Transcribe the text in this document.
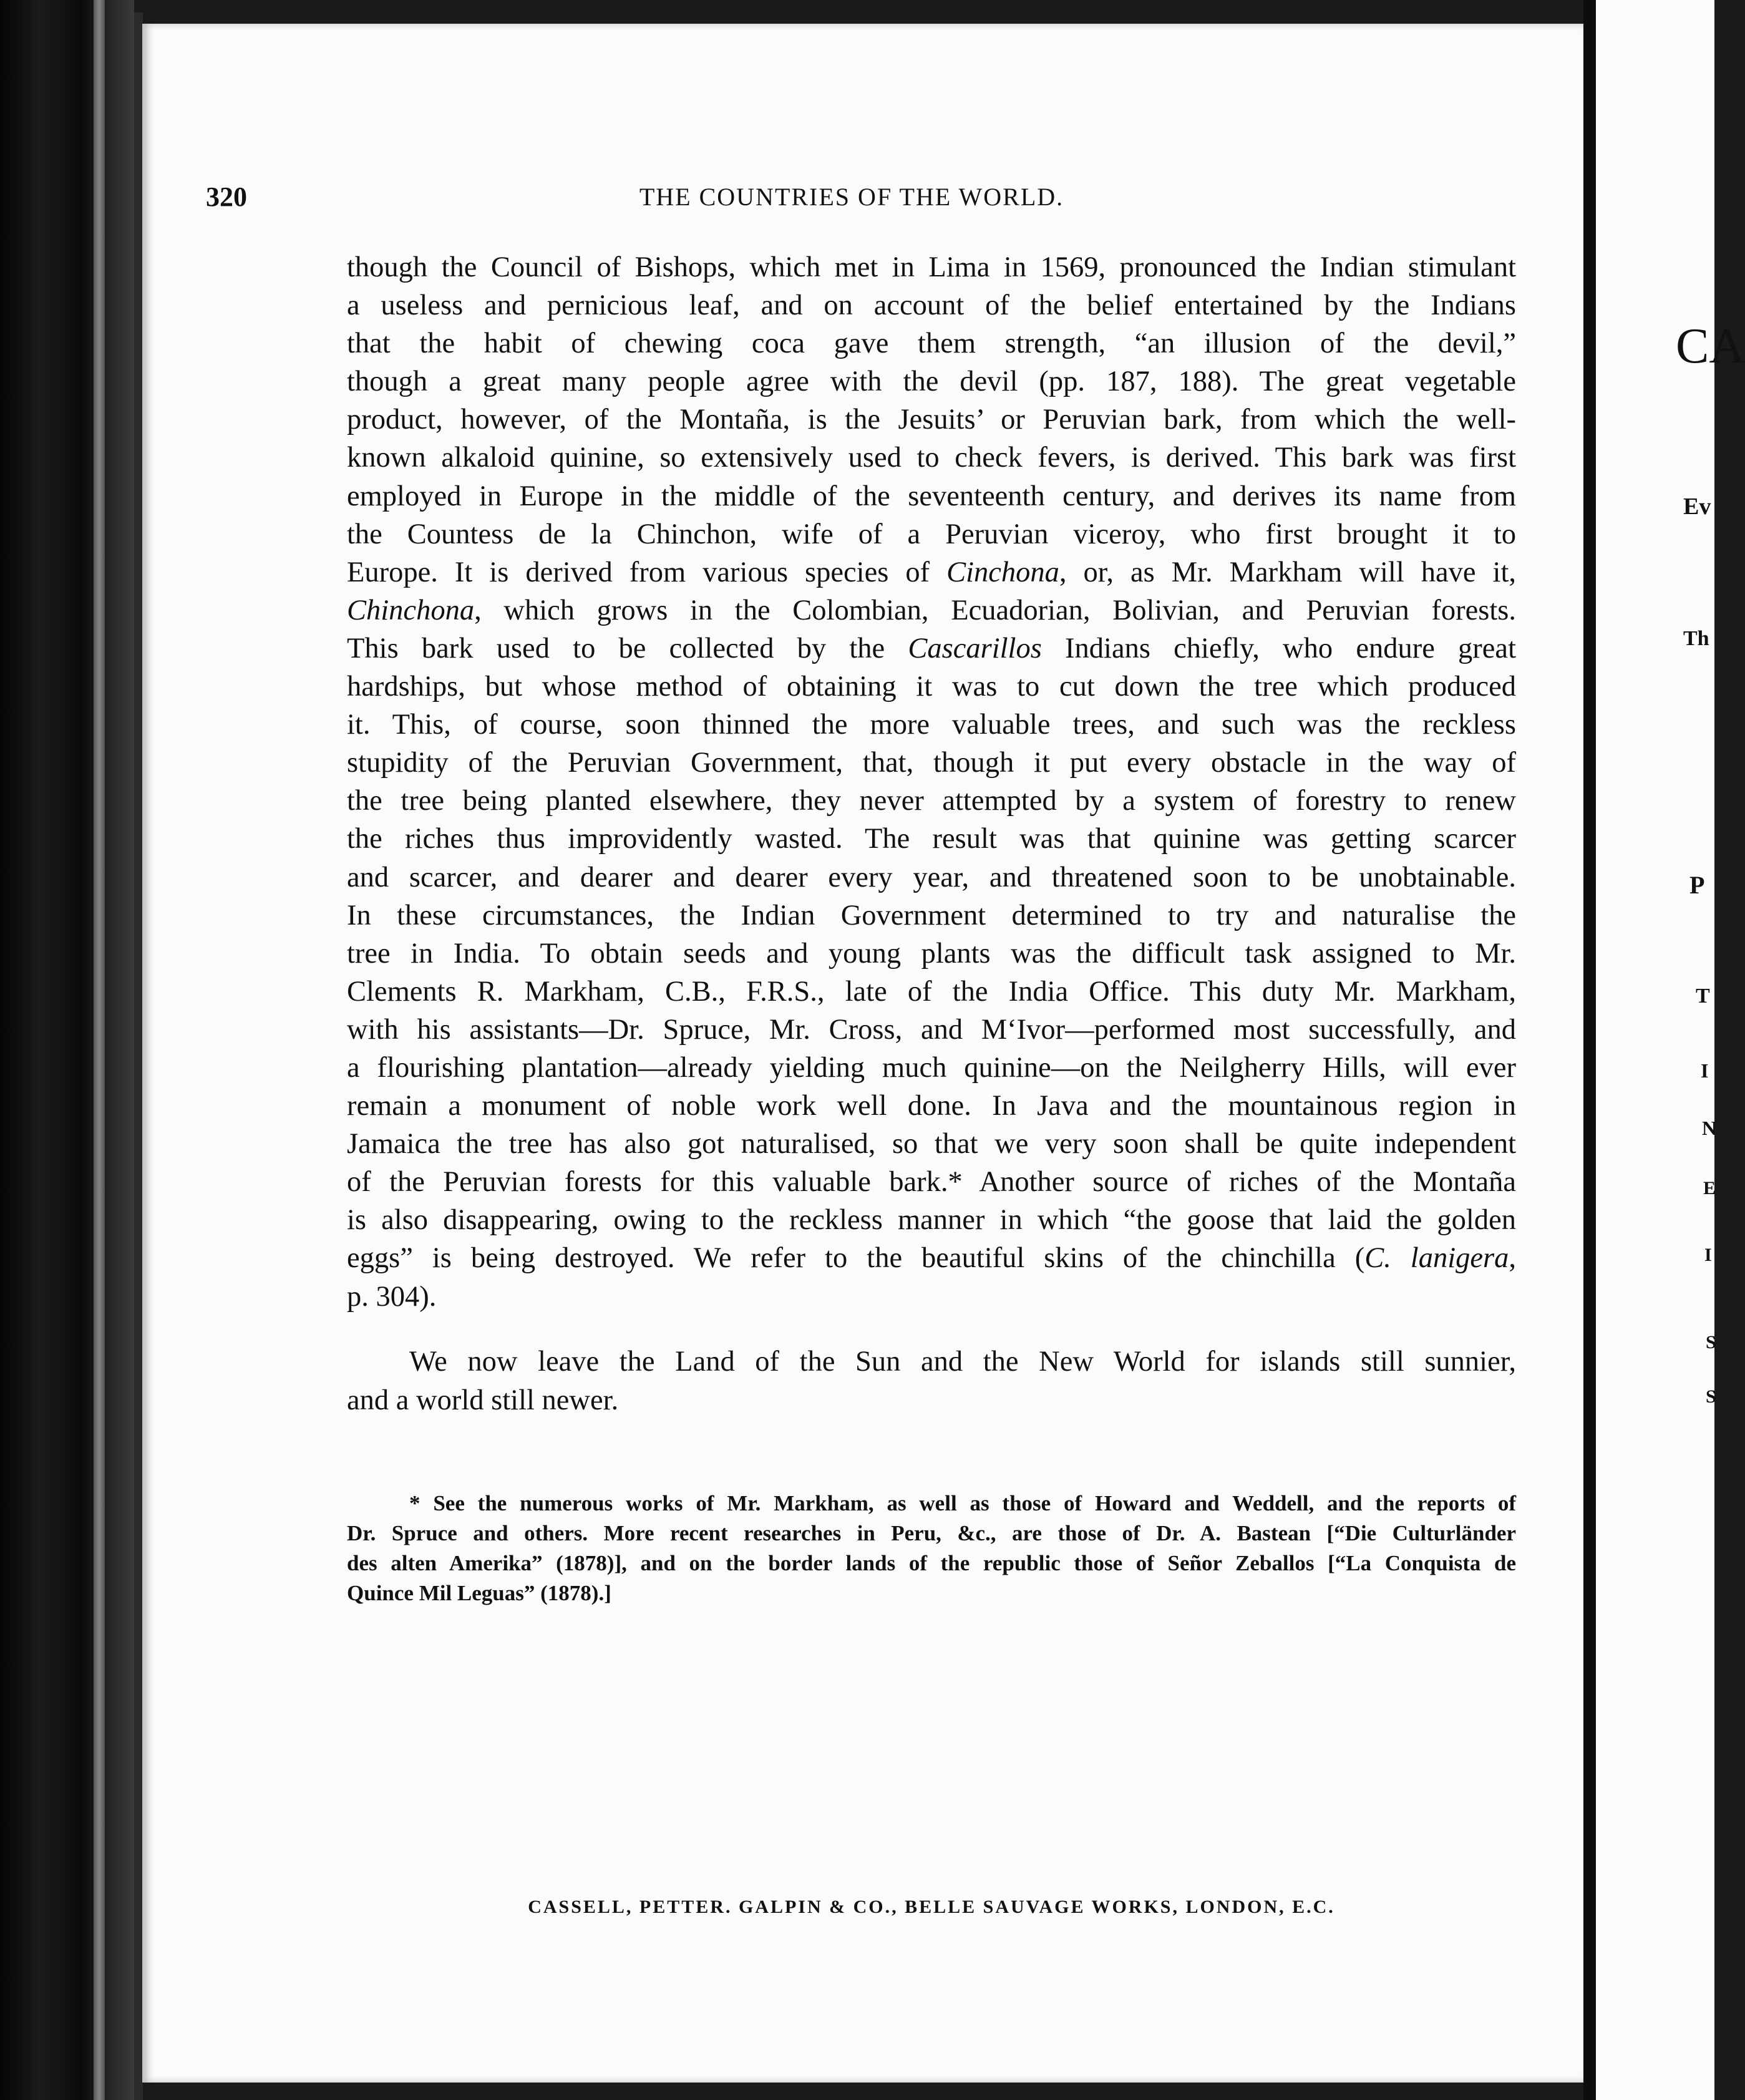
CA
Ev
Th
P
T
I
N
E
I
S
S
320	THE COUNTRIES OF THE WORLD.
though the Council of Bishops, which met in Lima in 1569, pronounced the Indian stimulant
a useless and pernicious leaf, and on account of the belief entertained by the Indians
that the habit of chewing coca gave them strength, “an illusion of the devil,”
though a great many people agree with the devil (pp. 187, 188). The great vegetable
product, however, of the Montaña, is the Jesuits’ or Peruvian bark, from which the well-
known alkaloid quinine, so extensively used to check fevers, is derived. This bark was first
employed in Europe in the middle of the seventeenth century, and derives its name from
the Countess de la Chinchon, wife of a Peruvian viceroy, who first brought it to
Europe. It is derived from various species of Cinchona, or, as Mr. Markham will have it,
Chinchona, which grows in the Colombian, Ecuadorian, Bolivian, and Peruvian forests.
This bark used to be collected by the Cascarillos Indians chiefly, who endure great
hardships, but whose method of obtaining it was to cut down the tree which produced
it. This, of course, soon thinned the more valuable trees, and such was the reckless
stupidity of the Peruvian Government, that, though it put every obstacle in the way of
the tree being planted elsewhere, they never attempted by a system of forestry to renew
the riches thus improvidently wasted. The result was that quinine was getting scarcer
and scarcer, and dearer and dearer every year, and threatened soon to be unobtainable.
In these circumstances, the Indian Government determined to try and naturalise the
tree in India. To obtain seeds and young plants was the difficult task assigned to Mr.
Clements R. Markham, C.B., F.R.S., late of the India Office. This duty Mr. Markham,
with his assistants—Dr. Spruce, Mr. Cross, and M‘Ivor—performed most successfully, and
a flourishing plantation—already yielding much quinine—on the Neilgherry Hills, will ever
remain a monument of noble work well done. In Java and the mountainous region in
Jamaica the tree has also got naturalised, so that we very soon shall be quite independent
of the Peruvian forests for this valuable bark.* Another source of riches of the Montaña
is also disappearing, owing to the reckless manner in which “the goose that laid the golden
eggs” is being destroyed. We refer to the beautiful skins of the chinchilla (C. lanigera,
p. 304).
We now leave the Land of the Sun and the New World for islands still sunnier,
and a world still newer.
* See the numerous works of Mr. Markham, as well as those of Howard and Weddell, and the reports of
Dr. Spruce and others. More recent researches in Peru, &c., are those of Dr. A. Bastean [“Die Culturländer
des alten Amerika” (1878)], and on the border lands of the republic those of Señor Zeballos [“La Conquista de
Quince Mil Leguas” (1878).]
CASSELL, PETTER. GALPIN & CO., BELLE SAUVAGE WORKS, LONDON, E.C.
